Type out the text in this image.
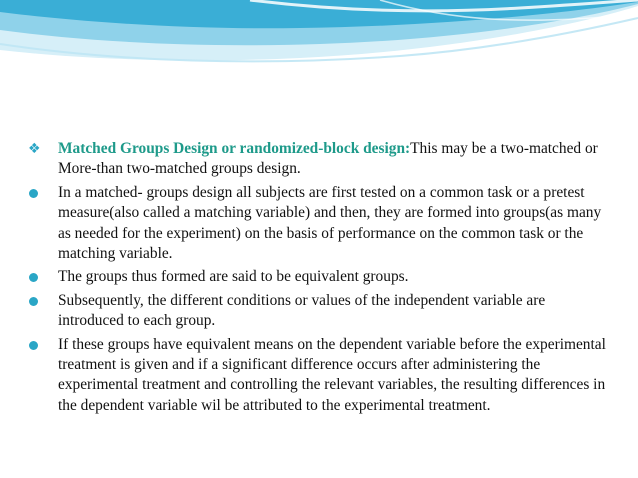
❖	Matched Groups Design or randomized-block design:This may be a two-matched or More-than two-matched groups design.
In a matched- groups design all subjects are first tested on a common task or a pretest measure(also called a matching variable) and then, they are formed into groups(as many as needed for the experiment) on the basis of performance on the common task or the matching variable.
The groups thus formed are said to be equivalent groups.
Subsequently, the different conditions or values of the independent variable are introduced to each group.
If these groups have equivalent means on the dependent variable before the experimental treatment is given and if a significant difference occurs after administering the experimental treatment and controlling the relevant variables, the resulting differences in the dependent variable wil be attributed to the experimental treatment.
